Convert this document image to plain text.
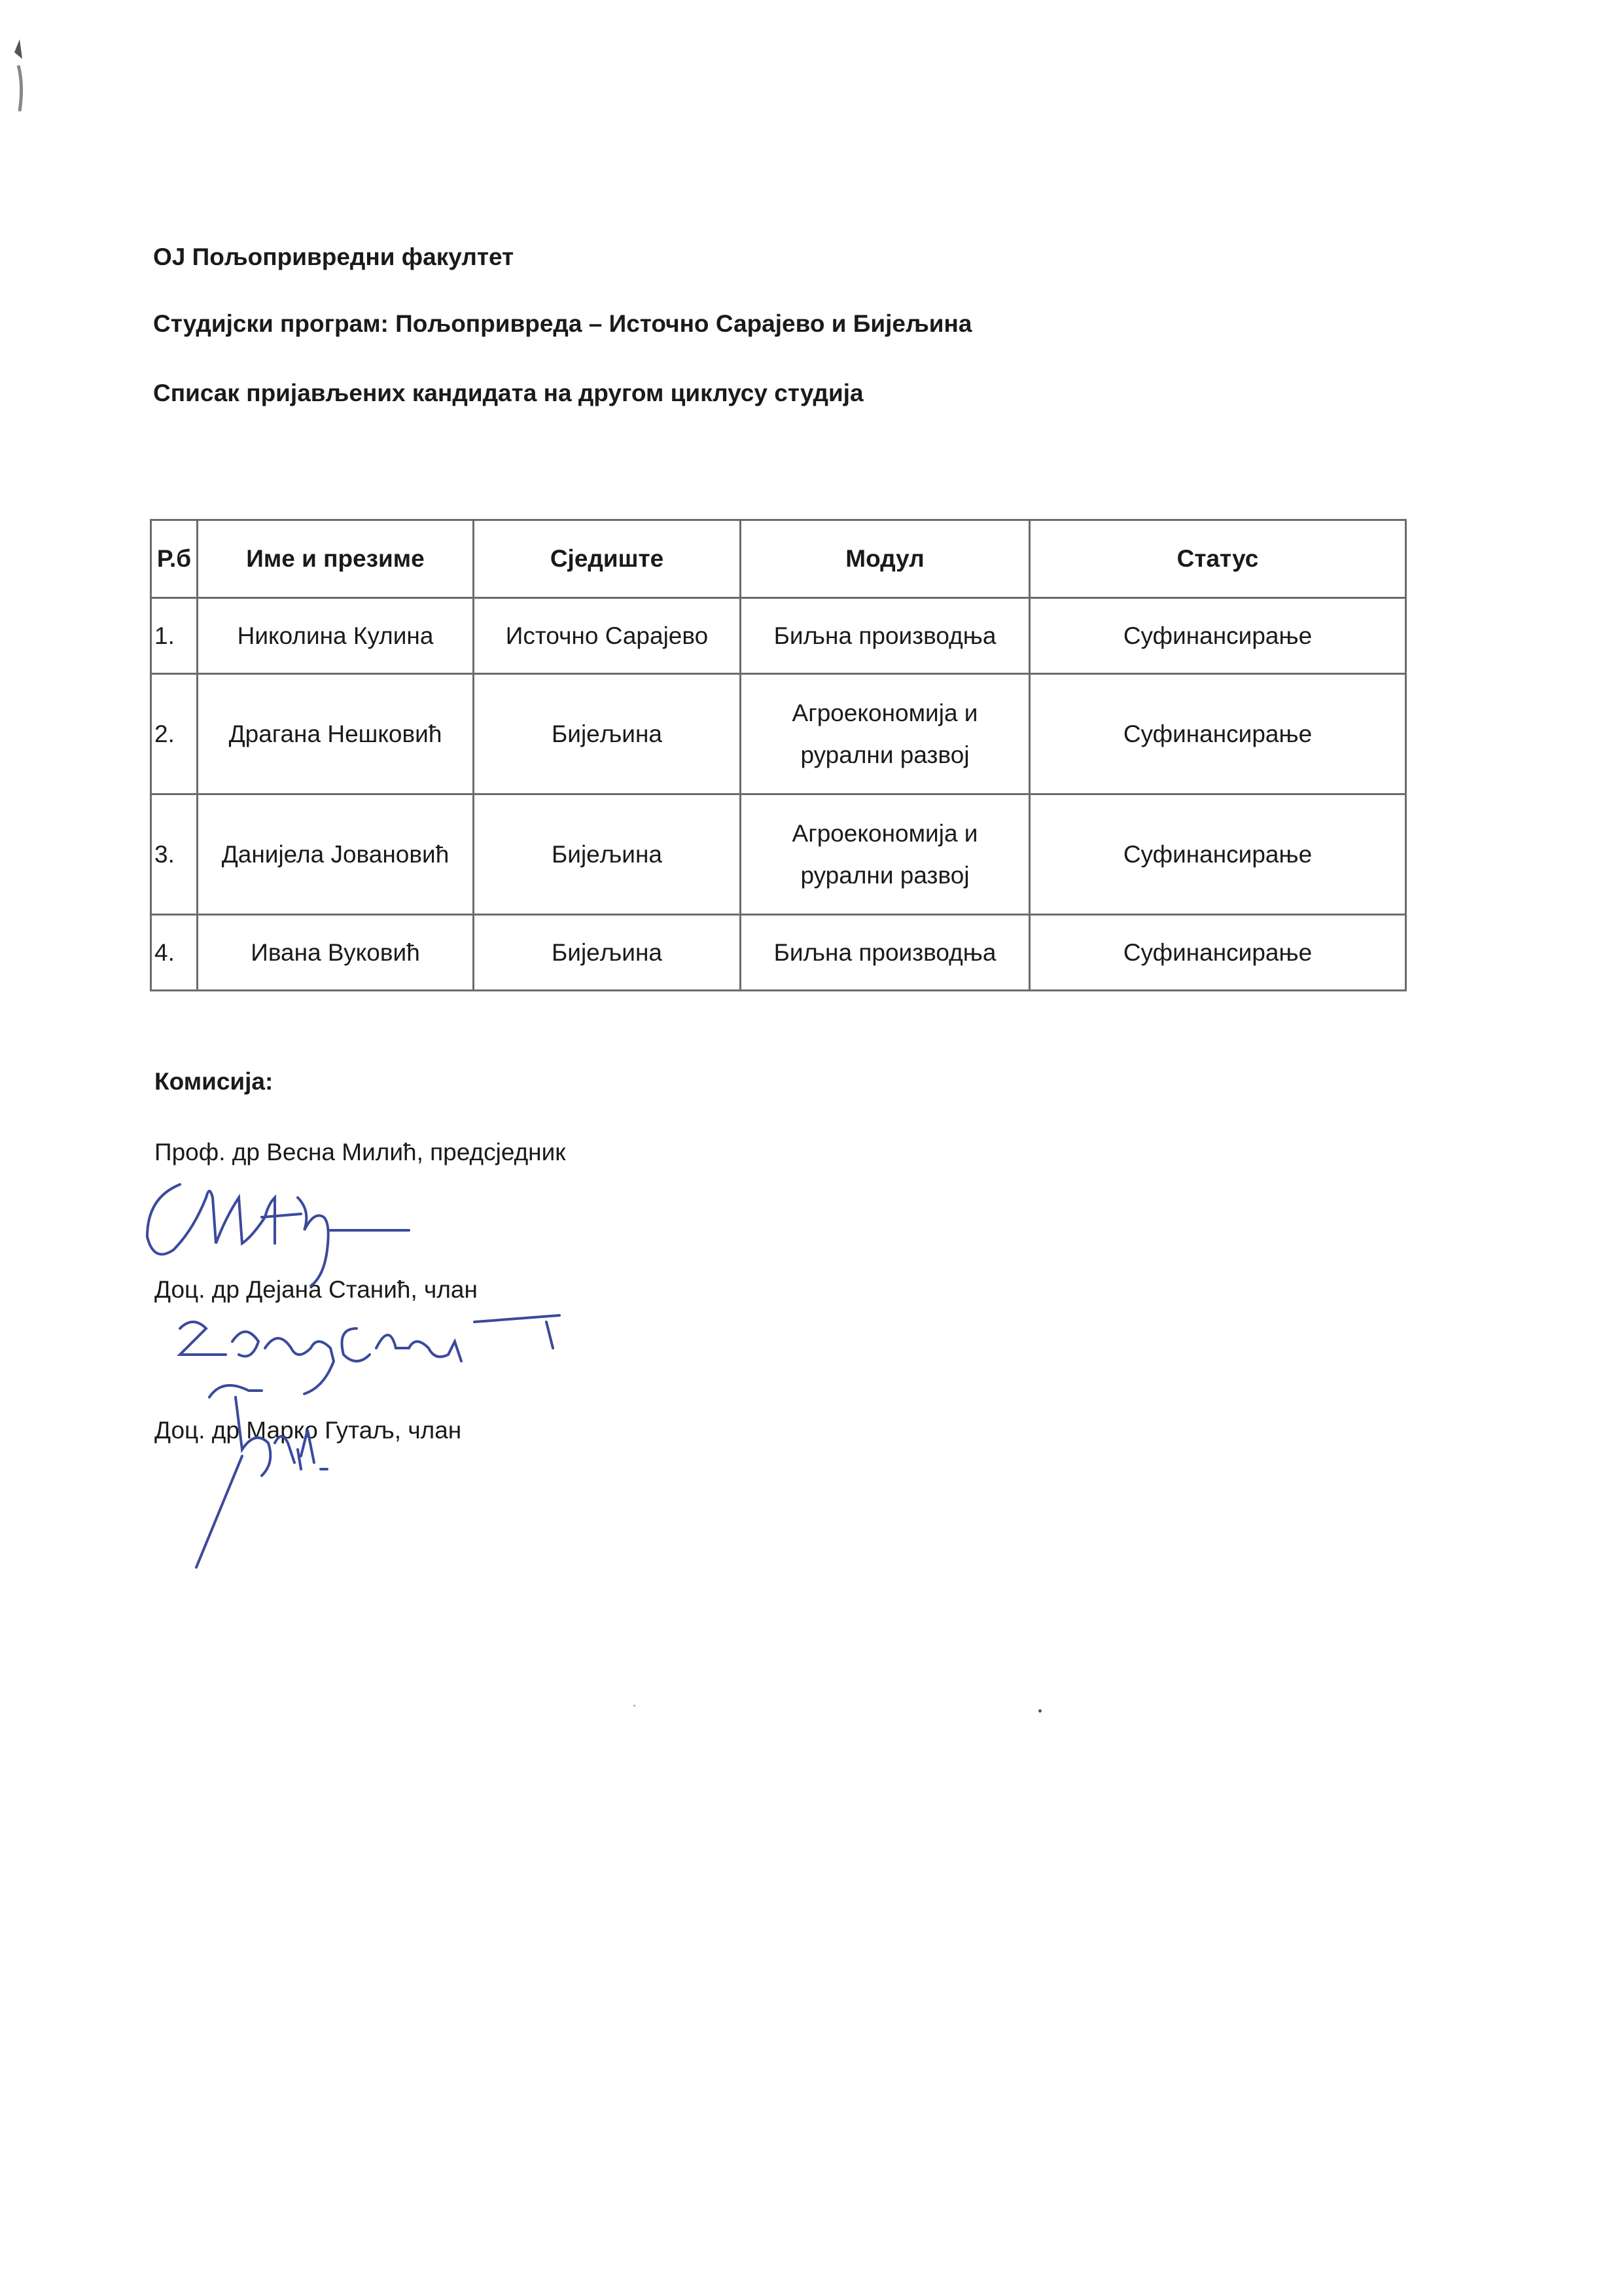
ОЈ Пољопривредни факултет
Студијски програм: Пољопривреда – Источно Сарајево и Бијељина
Списак пријављених кандидата на другом циклусу студија
Р.б	Име и презиме	Сједиште	Модул	Статус
1.	Николина Кулина	Источно Сарајево	Биљна производња	Суфинансирање
2.	Драгана Нешковић	Бијељина	Агроекономија и рурални развој	Суфинансирање
3.	Данијела Јовановић	Бијељина	Агроекономија и рурални развој	Суфинансирање
4.	Ивана Вуковић	Бијељина	Биљна производња	Суфинансирање
Комисија:
Проф. др Весна Милић, предсједник
Доц. др Дејана Станић, члан
Доц. др Марко Гутаљ, члан
